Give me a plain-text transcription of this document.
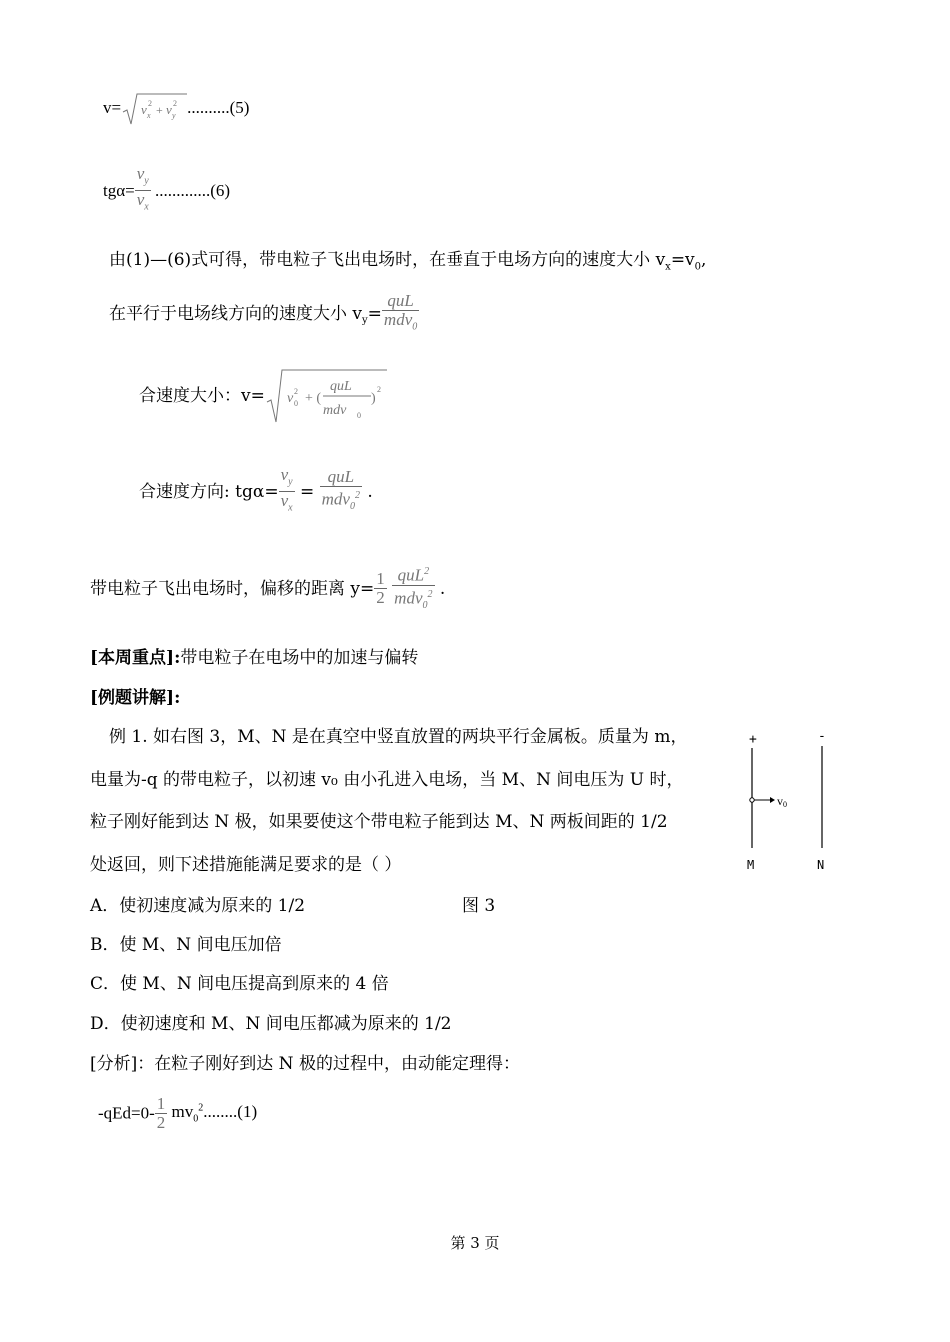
v= v x
2 + v y
2 ..........(5)
$tg\alpha= \frac{v_y}{v_x} .............(6)$
由(1)—(6)式可得，带电粒子飞出电场时，在垂直于电场方向的速度大小 $v_x=v_0$,
在平行于电场线方向的速度大小 $v_y= \frac{\text{quL}}{mdv_0}$
合速度大小：v= v 0
2 + (
quL
mdv 0
)
2
合速度方向: $tg\alpha= \frac{v_y}{v_x} = \frac{\text{quL}}{mdv_0^2}$ .
带电粒子飞出电场时，偏移的距离 $y= \frac{1}{2}$
$\frac{quL^2}{mdv_0^2}$ .
[本周重点]:带电粒子在电场中的加速与偏转
[例题讲解]:
例 1. 如右图 3，M、N 是在真空中竖直放置的两块平行金属板。质量为 m，
电量为-q 的带电粒子，以初速 v₀ 由小孔进入电场，当 M、N 间电压为 U 时，
粒子刚好能到达 N 极，如果要使这个带电粒子能到达 M、N 两板间距的 1/2
处返回，则下述措施能满足要求的是（ ）
A．使初速度减为原来的 1/2	图 3
B．使 M、N 间电压加倍
C．使 M、N 间电压提高到原来的 4 倍
D．使初速度和 M、N 间电压都减为原来的 1/2
[分析]：在粒子刚好到达 N 极的过程中，由动能定理得：
$-qEd=0- \frac{1}{2} mv_0^2........(1)$
+	-
v0
M	N
第 3 页
